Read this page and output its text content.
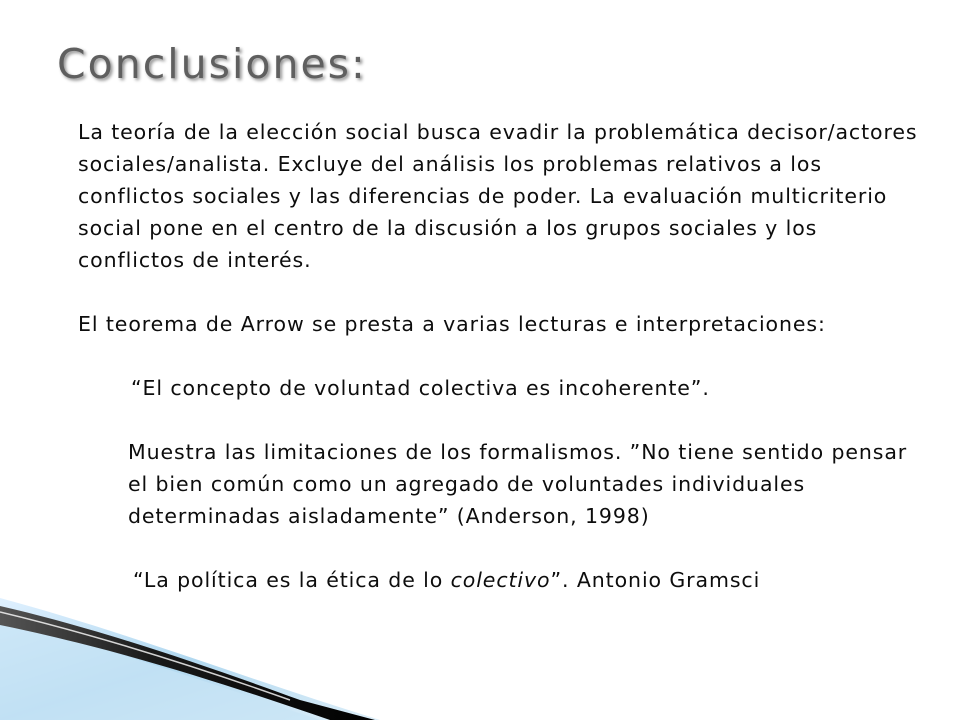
Conclusiones:

La teoría de la elección social busca evadir la problemática decisor/actores sociales/analista. Excluye del análisis los problemas relativos a los conflictos sociales y las diferencias de poder. La evaluación multicriterio social pone en el centro de la discusión a los grupos sociales y los conflictos de interés.

El teorema de Arrow se presta a varias lecturas e interpretaciones:

“El concepto de voluntad colectiva es incoherente”.

Muestra las limitaciones de los formalismos. ”No tiene sentido pensar el bien común como un agregado de voluntades individuales determinadas aisladamente” (Anderson, 1998)

“La política es la ética de lo colectivo”. Antonio Gramsci
